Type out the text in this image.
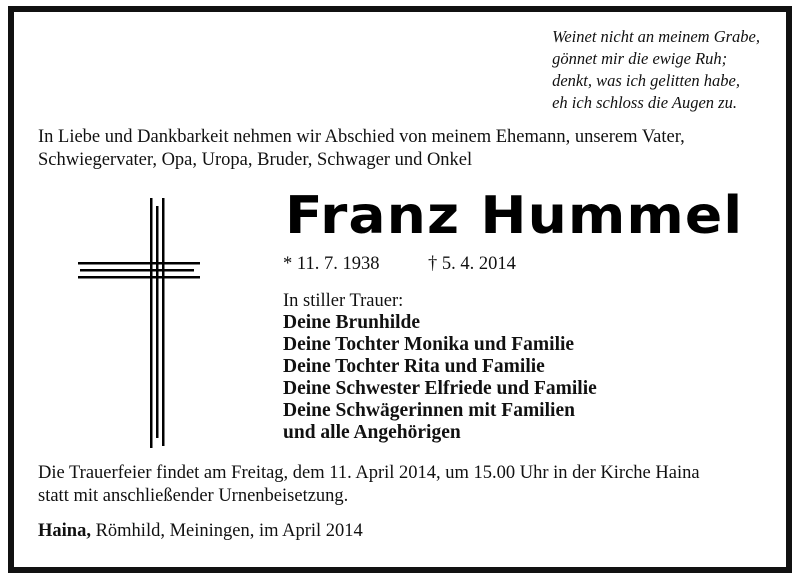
Weinet nicht an meinem Grabe,
gönnet mir die ewige Ruh;
denkt, was ich gelitten habe,
eh ich schloss die Augen zu.
In Liebe und Dankbarkeit nehmen wir Abschied von meinem Ehemann, unserem Vater,
Schwiegervater, Opa, Uropa, Bruder, Schwager und Onkel
Franz Hummel
* 11. 7. 1938	† 5. 4. 2014
In stiller Trauer:
Deine Brunhilde
Deine Tochter Monika und Familie
Deine Tochter Rita und Familie
Deine Schwester Elfriede und Familie
Deine Schwägerinnen mit Familien
und alle Angehörigen
Die Trauerfeier findet am Freitag, dem 11. April 2014, um 15.00 Uhr in der Kirche Haina
statt mit anschließender Urnenbeisetzung.
Haina, Römhild, Meiningen, im April 2014
